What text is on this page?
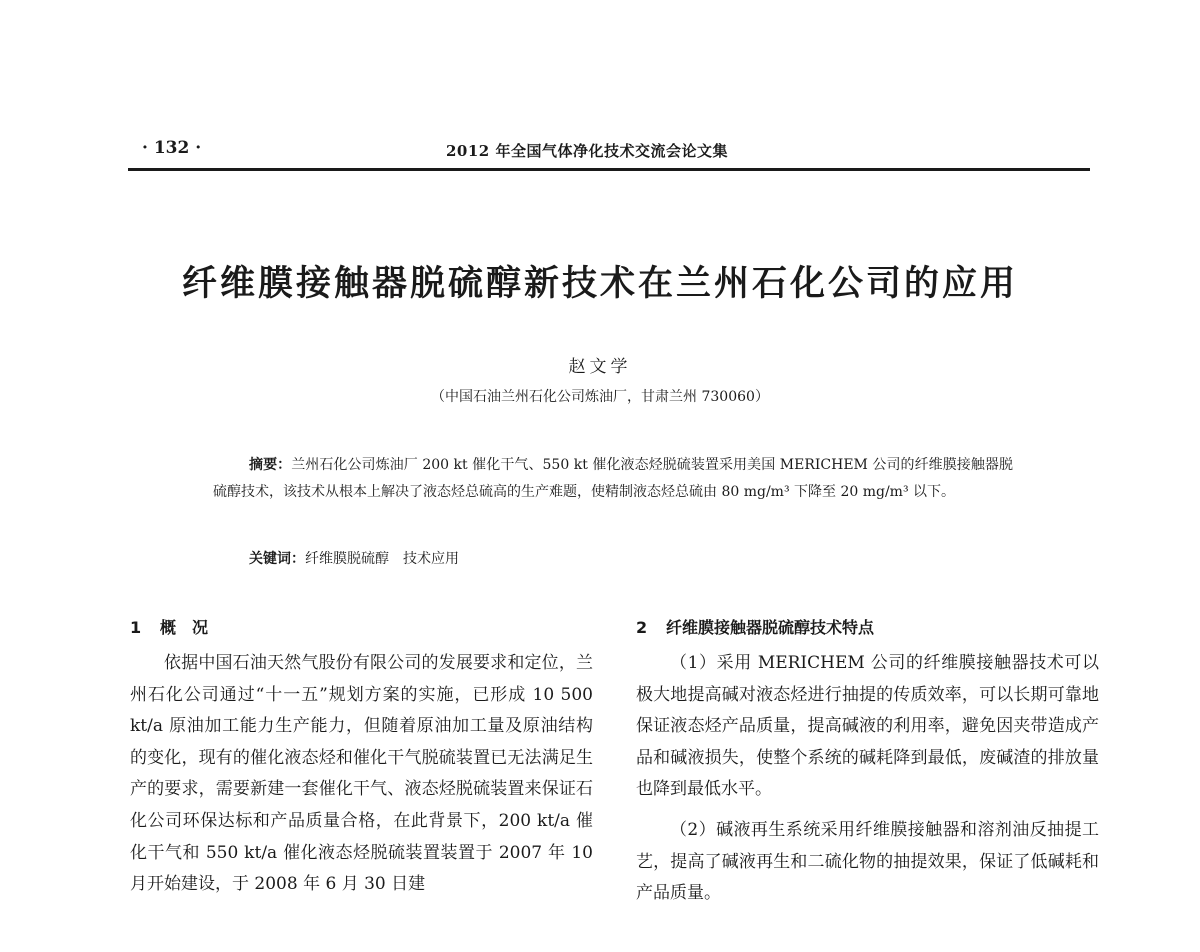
· 132 ·	2012 年全国气体净化技术交流会论文集
纤维膜接触器脱硫醇新技术在兰州石化公司的应用
赵文学
（中国石油兰州石化公司炼油厂，甘肃兰州 730060）
摘要：兰州石化公司炼油厂 200 kt 催化干气、550 kt 催化液态烃脱硫装置采用美国 MERICHEM 公司的纤维膜接触器脱硫醇技术，该技术从根本上解决了液态烃总硫高的生产难题，使精制液态烃总硫由 80 mg/m³ 下降至 20 mg/m³ 以下。
关键词：纤维膜脱硫醇　技术应用
1 概　况

依据中国石油天然气股份有限公司的发展要求和定位，兰州石化公司通过“十一五”规划方案的实施，已形成 10 500 kt/a 原油加工能力生产能力，但随着原油加工量及原油结构的变化，现有的催化液态烃和催化干气脱硫装置已无法满足生产的要求，需要新建一套催化干气、液态烃脱硫装置来保证石化公司环保达标和产品质量合格，在此背景下，200 kt/a 催化干气和 550 kt/a 催化液态烃脱硫装置装置于 2007 年 10 月开始建设，于 2008 年 6 月 30 日建

2 纤维膜接触器脱硫醇技术特点

（1）采用 MERICHEM 公司的纤维膜接触器技术可以极大地提高碱对液态烃进行抽提的传质效率，可以长期可靠地保证液态烃产品质量，提高碱液的利用率，避免因夹带造成产品和碱液损失，使整个系统的碱耗降到最低，废碱渣的排放量也降到最低水平。

（2）碱液再生系统采用纤维膜接触器和溶剂油反抽提工艺，提高了碱液再生和二硫化物的抽提效果，保证了低碱耗和产品质量。
